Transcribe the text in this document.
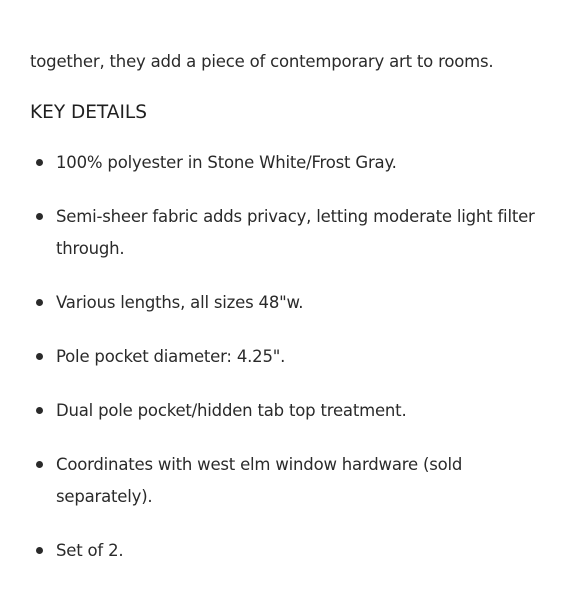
together, they add a piece of contemporary art to rooms.

KEY DETAILS
100% polyester in Stone White/Frost Gray.
Semi-sheer fabric adds privacy, letting moderate light filter through.
Various lengths, all sizes 48"w.
Pole pocket diameter: 4.25".
Dual pole pocket/hidden tab top treatment.
Coordinates with west elm window hardware (sold separately).
Set of 2.
